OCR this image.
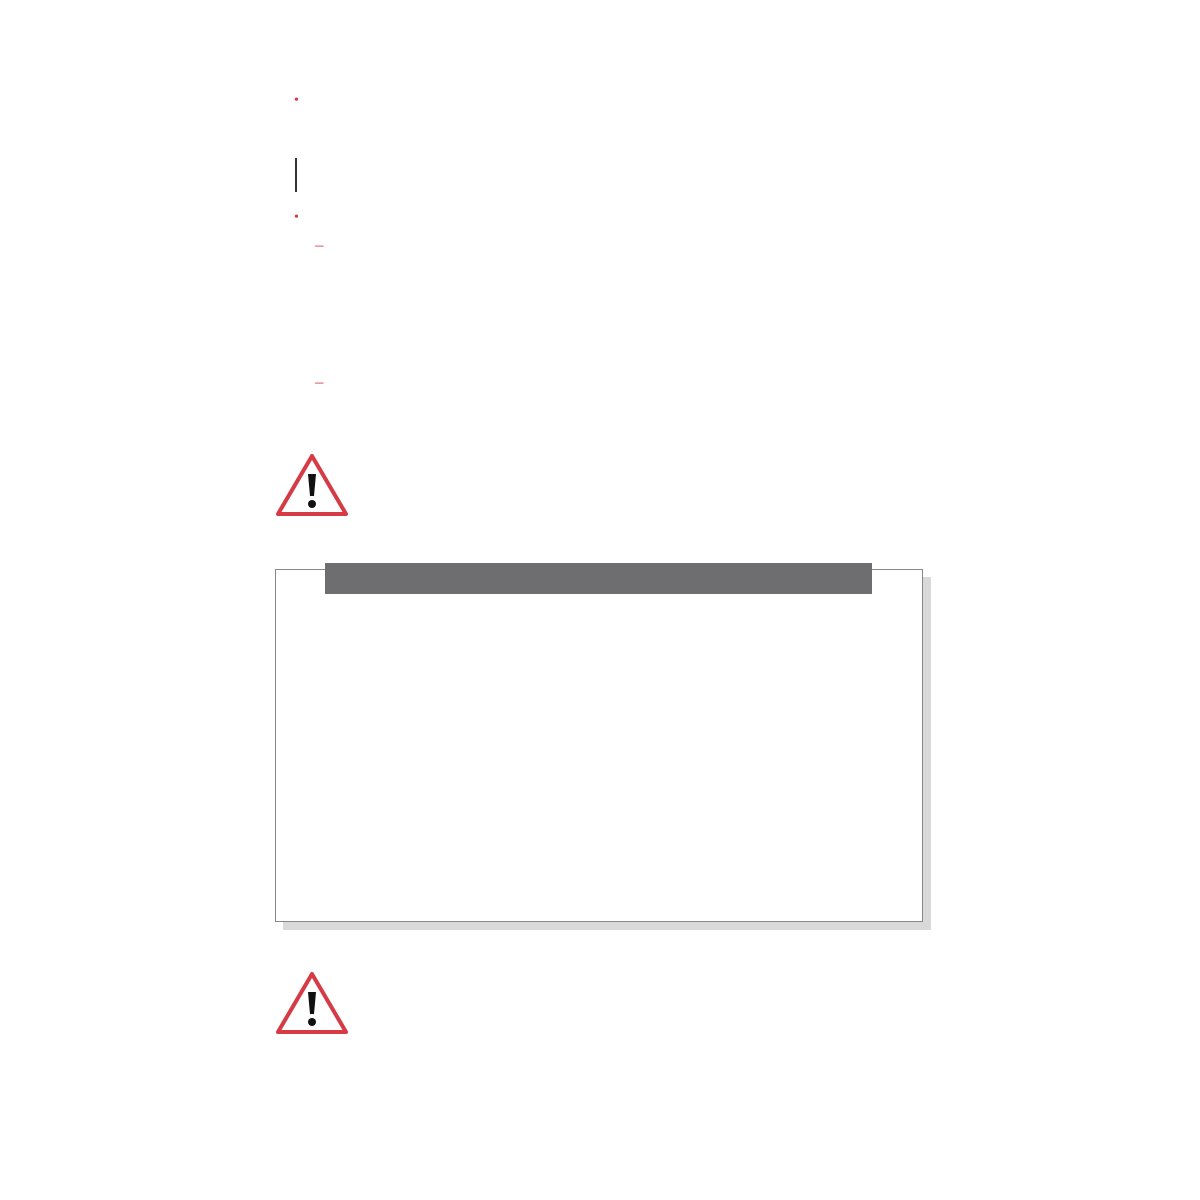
•
•
–
–
